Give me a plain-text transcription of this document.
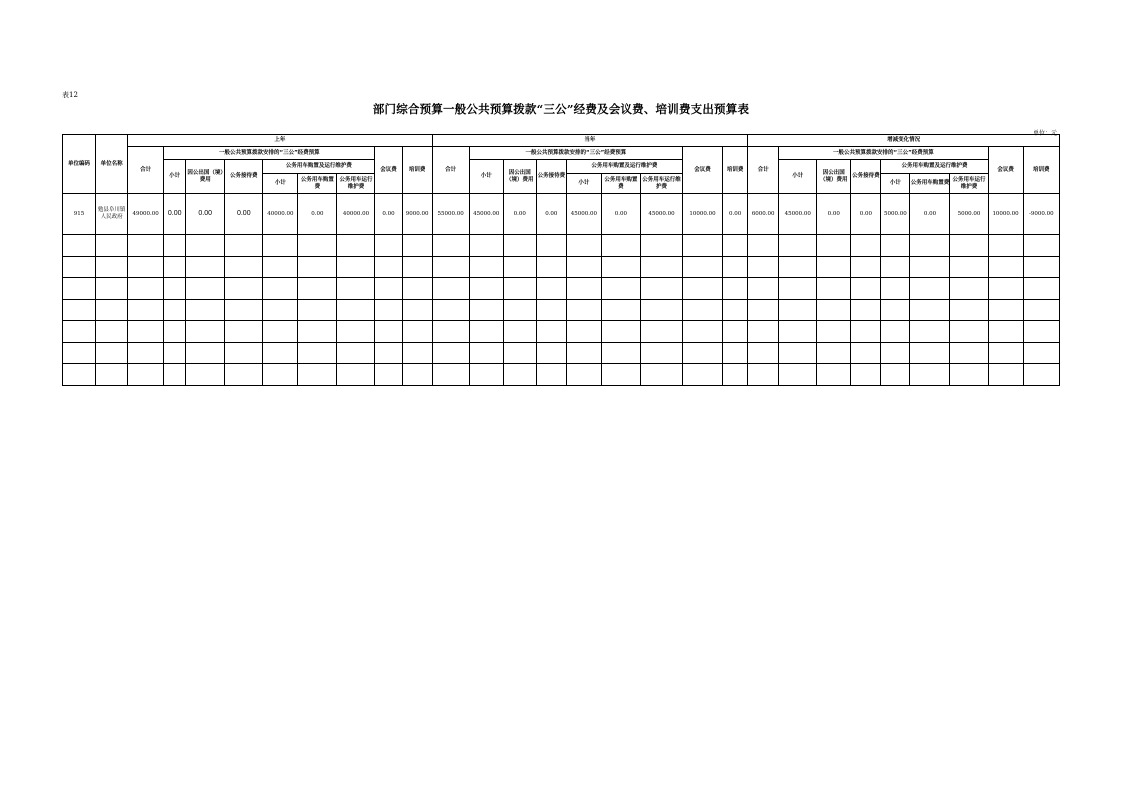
表12
部门综合预算一般公共预算拨款“三公”经费及会议费、培训费支出预算表
单位：元
单位编码	单位名称	上年									当年									增减变化情况								
		合计	一般公共预算拨款安排的“三公”经费预算						会议费	培训费	合计	一般公共预算拨款安排的“三公”经费预算						会议费	培训费	合计	一般公共预算拨款安排的“三公”经费预算						会议费	培训费
			小计	因公出国（境）费用	公务接待费	公务用车购置及运行维护费						小计	因公出国（境）费用	公务接待费	公务用车购置及运行维护费						小计	因公出国（境）费用	公务接待费	公务用车购置及运行维护费				
						小计	公务用车购置费	公务用车运行维护费							小计	公务用车购置费	公务用车运行维护费							小计	公务用车购置费	公务用车运行维护费		
915	勉县阜川镇人民政府	49000.00	0.00	0.00	0.00	40000.00	0.00	40000.00	0.00	9000.00	55000.00	45000.00	0.00	0.00	45000.00	0.00	45000.00	10000.00	0.00	6000.00	45000.00	0.00	0.00	5000.00	0.00	5000.00	10000.00	-9000.00
